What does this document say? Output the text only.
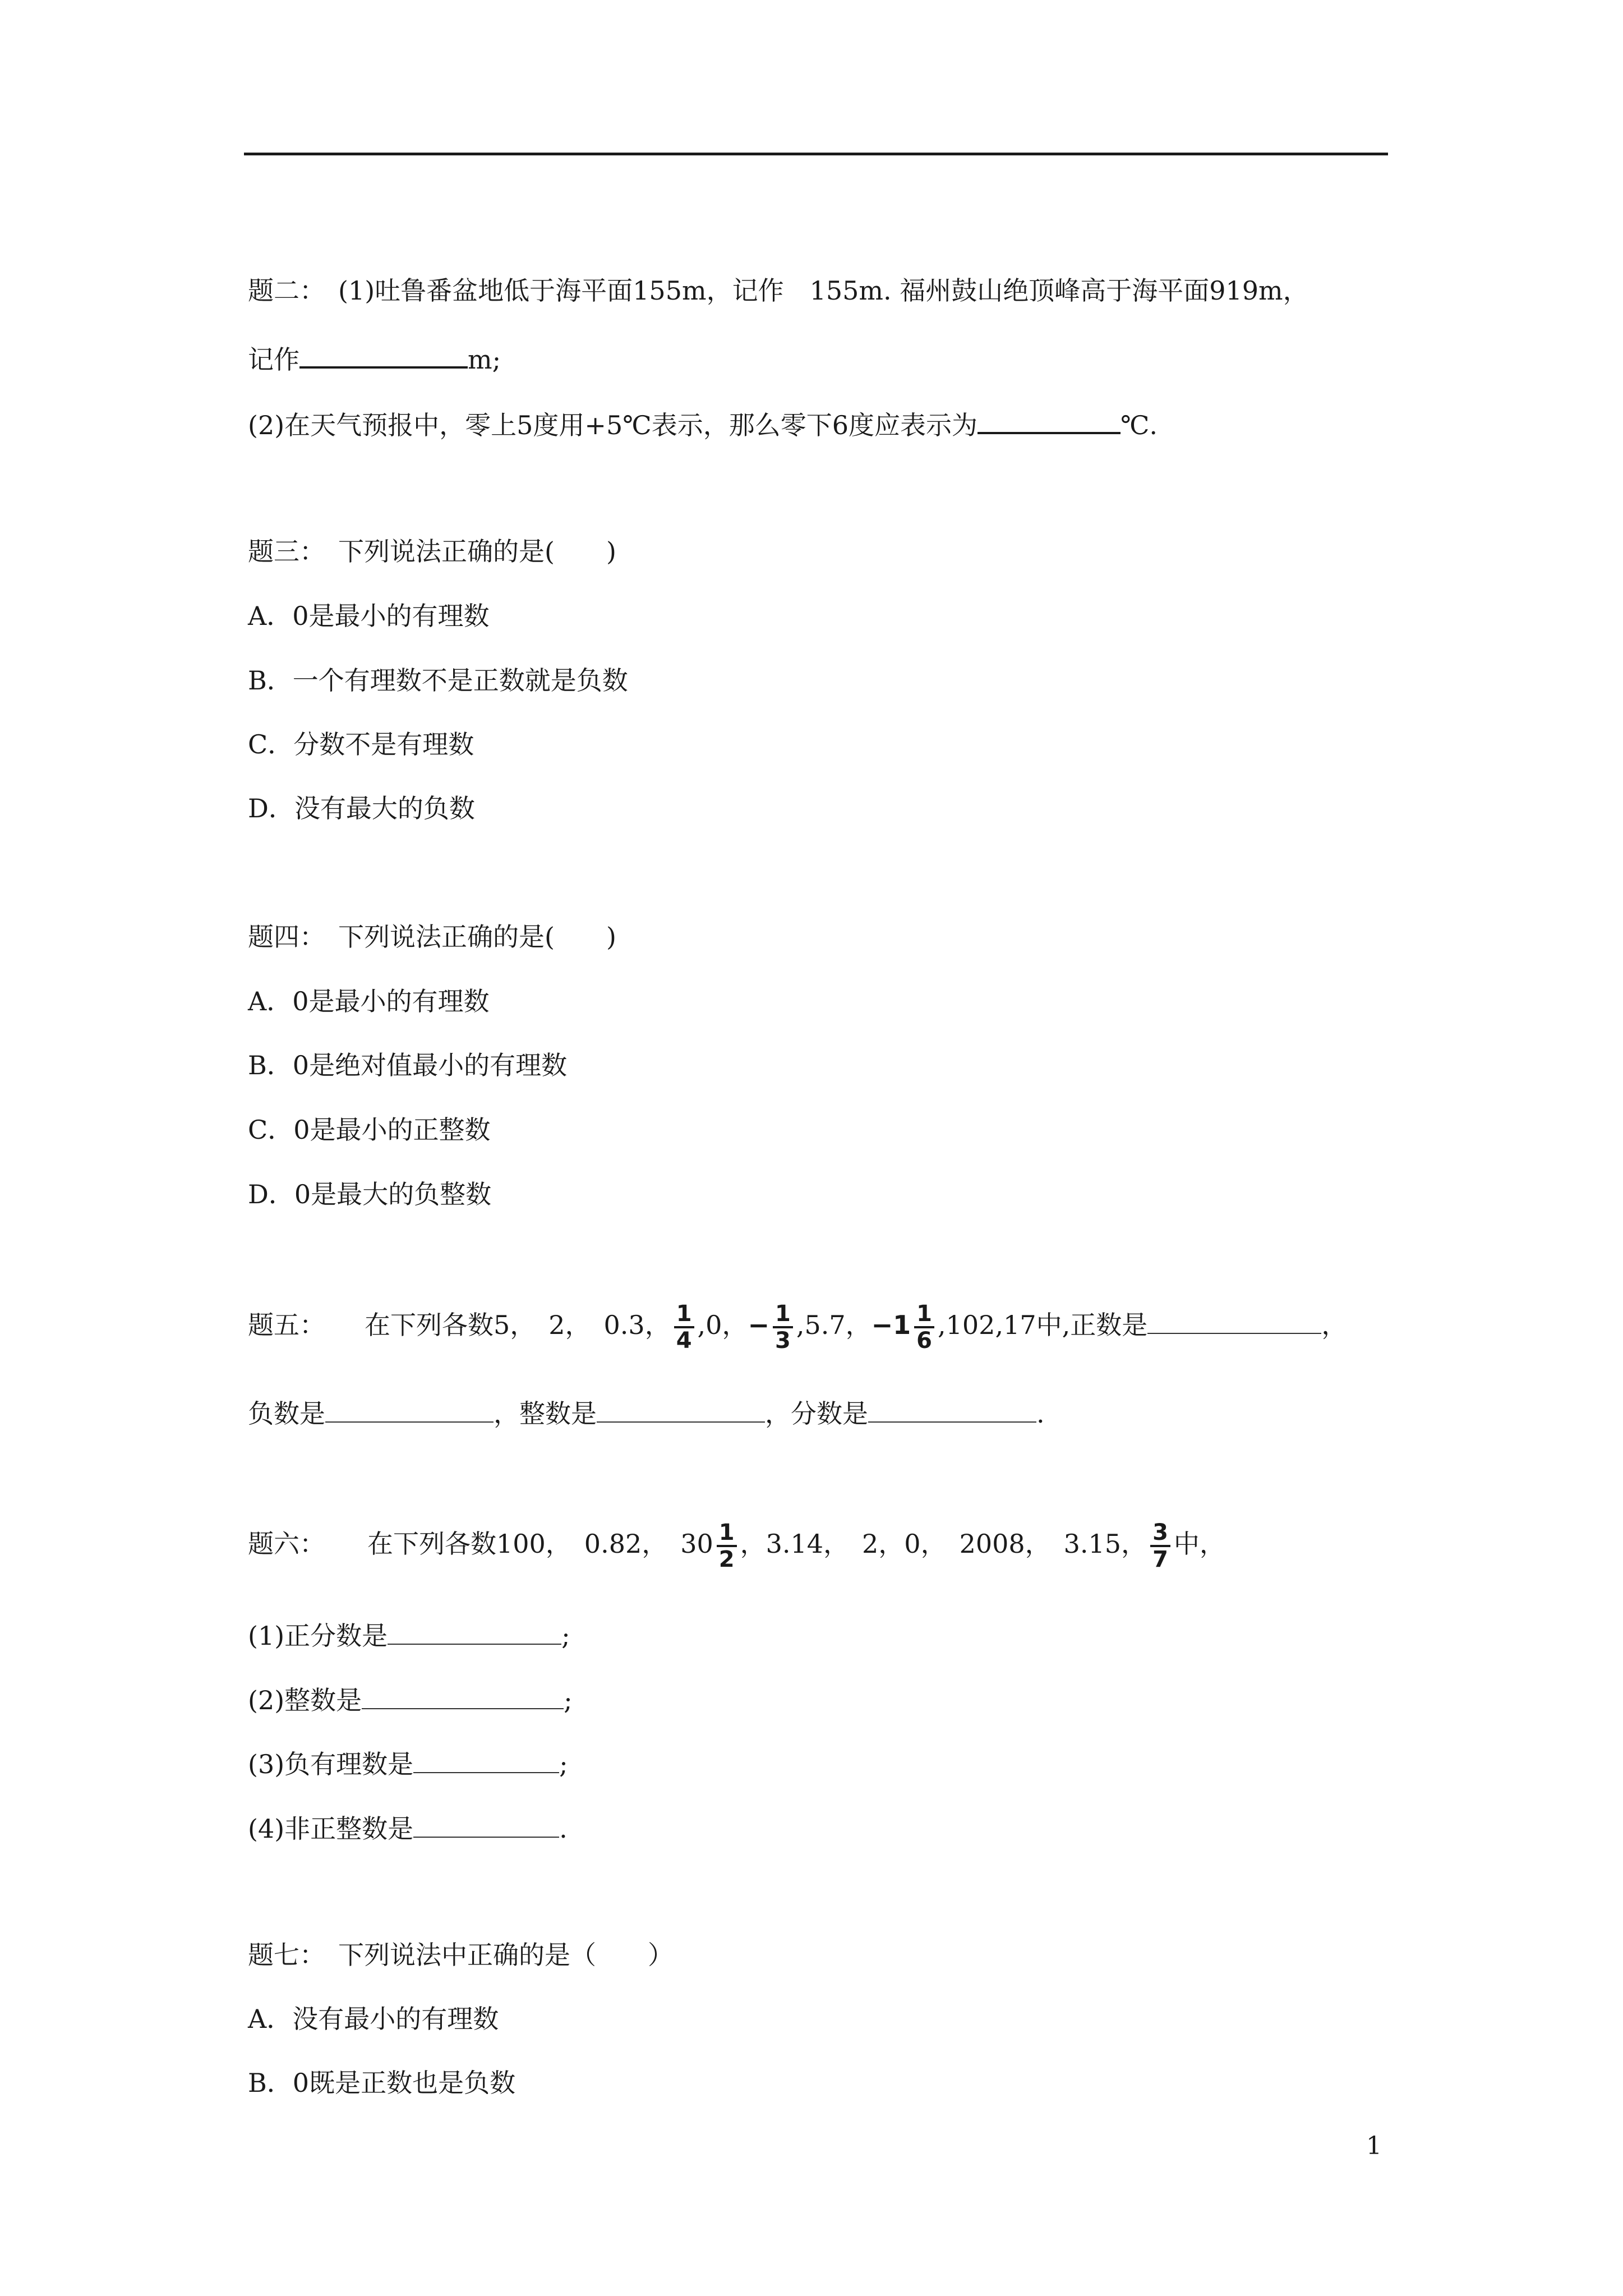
题二：　(1)吐鲁番盆地低于海平面155m，记作　155m. 福州鼓山绝顶峰高于海平面919m，
记作	m;
(2)在天气预报中，零上5度用+5℃表示，那么零下6度应表示为	℃.
题三：　下列说法正确的是(　　)
A．0是最小的有理数
B．一个有理数不是正数就是负数
C．分数不是有理数
D．没有最大的负数
题四：　下列说法正确的是(　　)
A．0是最小的有理数
B．0是绝对值最小的有理数
C．0是最小的正整数
D．0是最大的负整数
题五： 在下列各数5，　2，　0.3， $\frac{1}{4} ,0$，− $\frac{1}{3} ,5.7$，$-1 \frac{1}{6} ,102,17$中,正数是	，
负数是	，整数是	，分数是	.
题六： 在下列各数100，　0.82，　$30 \frac{1}{2}$ ，3.14，　2，0，　2008，　3.15， $\frac{3}{7}$ 中，
(1)正分数是	;
(2)整数是	;
(3)负有理数是	;
(4)非正整数是	.
题七：　下列说法中正确的是（　　）
A．没有最小的有理数
B．0既是正数也是负数
1
